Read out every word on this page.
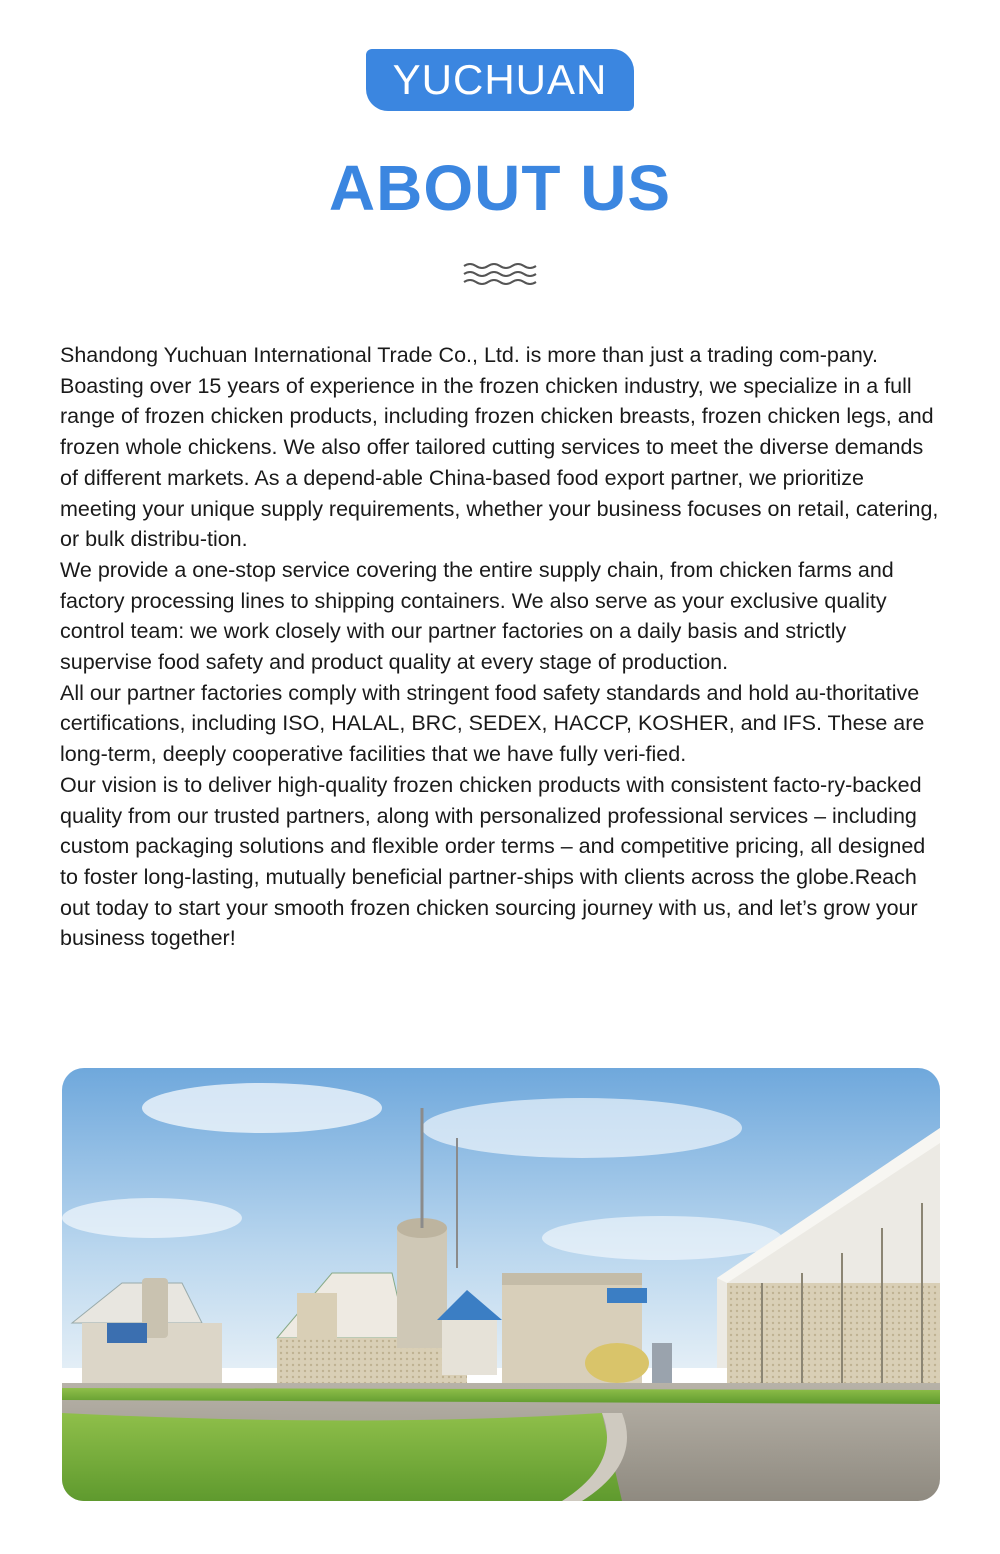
YUCHUAN
ABOUT US

Shandong Yuchuan International Trade Co., Ltd. is more than just a trading com-pany. Boasting over 15 years of experience in the frozen chicken industry, we specialize in a full range of frozen chicken products, including frozen chicken breasts, frozen chicken legs, and frozen whole chickens. We also offer tailored cutting services to meet the diverse demands of different markets. As a depend-able China-based food export partner, we prioritize meeting your unique supply requirements, whether your business focuses on retail, catering, or bulk distribu-tion.

We provide a one-stop service covering the entire supply chain, from chicken farms and factory processing lines to shipping containers. We also serve as your exclusive quality control team: we work closely with our partner factories on a daily basis and strictly supervise food safety and product quality at every stage of production.

All our partner factories comply with stringent food safety standards and hold au-thoritative certifications, including ISO, HALAL, BRC, SEDEX, HACCP, KOSHER, and IFS. These are long-term, deeply cooperative facilities that we have fully veri-fied.

Our vision is to deliver high-quality frozen chicken products with consistent facto-ry-backed quality from our trusted partners, along with personalized professional services – including custom packaging solutions and flexible order terms – and competitive pricing, all designed to foster long-lasting, mutually beneficial partner-ships with clients across the globe.Reach out today to start your smooth frozen chicken sourcing journey with us, and let’s grow your business together!
